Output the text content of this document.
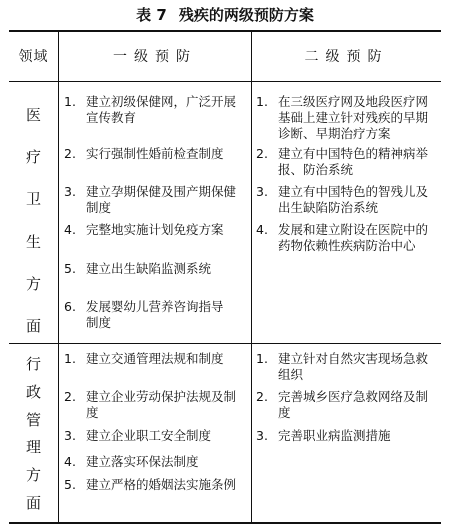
表 7 残疾的两级预防方案
领域	一级预防	二级预防
医
疗
卫
生
方
面
1. 建立初级保健网，广泛开展宣传教育
2. 实行强制性婚前检查制度
3. 建立孕期保健及围产期保健制度
4. 完整地实施计划免疫方案
5. 建立出生缺陷监测系统
6. 发展婴幼儿营养咨询指导制度
1. 在三级医疗网及地段医疗网基础上建立针对残疾的早期诊断、早期治疗方案
2. 建立有中国特色的精神病举报、防治系统
3. 建立有中国特色的智残儿及出生缺陷防治系统
4. 发展和建立附设在医院中的药物依赖性疾病防治中心
行
政
管
理
方
面
1. 建立交通管理法规和制度
2. 建立企业劳动保护法规及制度
3. 建立企业职工安全制度
4. 建立落实环保法制度
5. 建立严格的婚姻法实施条例
1. 建立针对自然灾害现场急救组织
2. 完善城乡医疗急救网络及制度
3. 完善职业病监测措施
